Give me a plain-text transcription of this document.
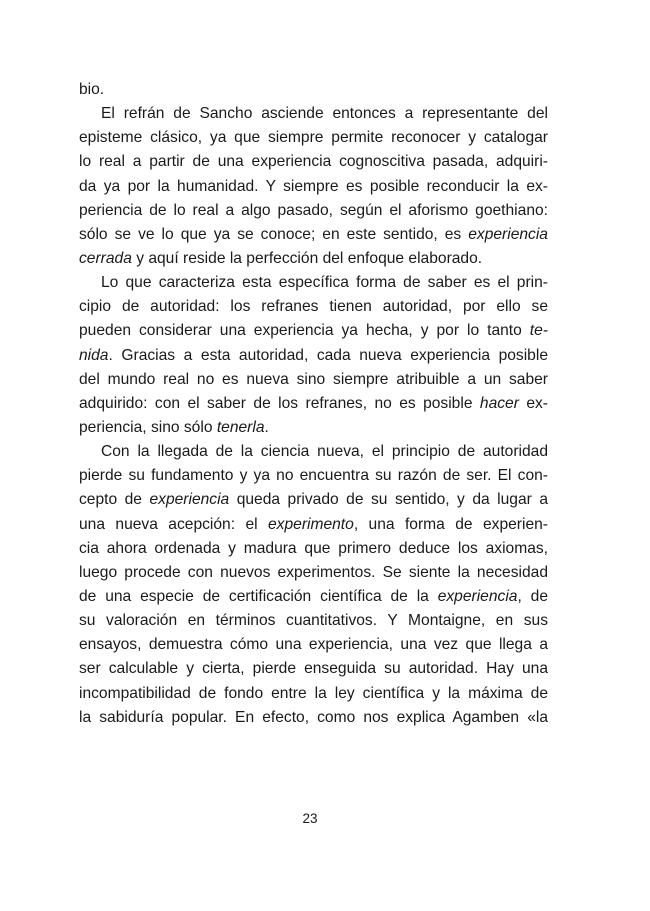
bio.
El refrán de Sancho asciende entonces a representante del
episteme clásico, ya que siempre permite reconocer y catalogar
lo real a partir de una experiencia cognoscitiva pasada, adquiri-
da ya por la humanidad. Y siempre es posible reconducir la ex-
periencia de lo real a algo pasado, según el aforismo goethiano:
sólo se ve lo que ya se conoce; en este sentido, es experiencia
cerrada y aquí reside la perfección del enfoque elaborado.
Lo que caracteriza esta específica forma de saber es el prin-
cipio de autoridad: los refranes tienen autoridad, por ello se
pueden considerar una experiencia ya hecha, y por lo tanto te-
nida. Gracias a esta autoridad, cada nueva experiencia posible
del mundo real no es nueva sino siempre atribuible a un saber
adquirido: con el saber de los refranes, no es posible hacer ex-
periencia, sino sólo tenerla.
Con la llegada de la ciencia nueva, el principio de autoridad
pierde su fundamento y ya no encuentra su razón de ser. El con-
cepto de experiencia queda privado de su sentido, y da lugar a
una nueva acepción: el experimento, una forma de experien-
cia ahora ordenada y madura que primero deduce los axiomas,
luego procede con nuevos experimentos. Se siente la necesidad
de una especie de certificación científica de la experiencia, de
su valoración en términos cuantitativos. Y Montaigne, en sus
ensayos, demuestra cómo una experiencia, una vez que llega a
ser calculable y cierta, pierde enseguida su autoridad. Hay una
incompatibilidad de fondo entre la ley científica y la máxima de
la sabiduría popular. En efecto, como nos explica Agamben «la
23
